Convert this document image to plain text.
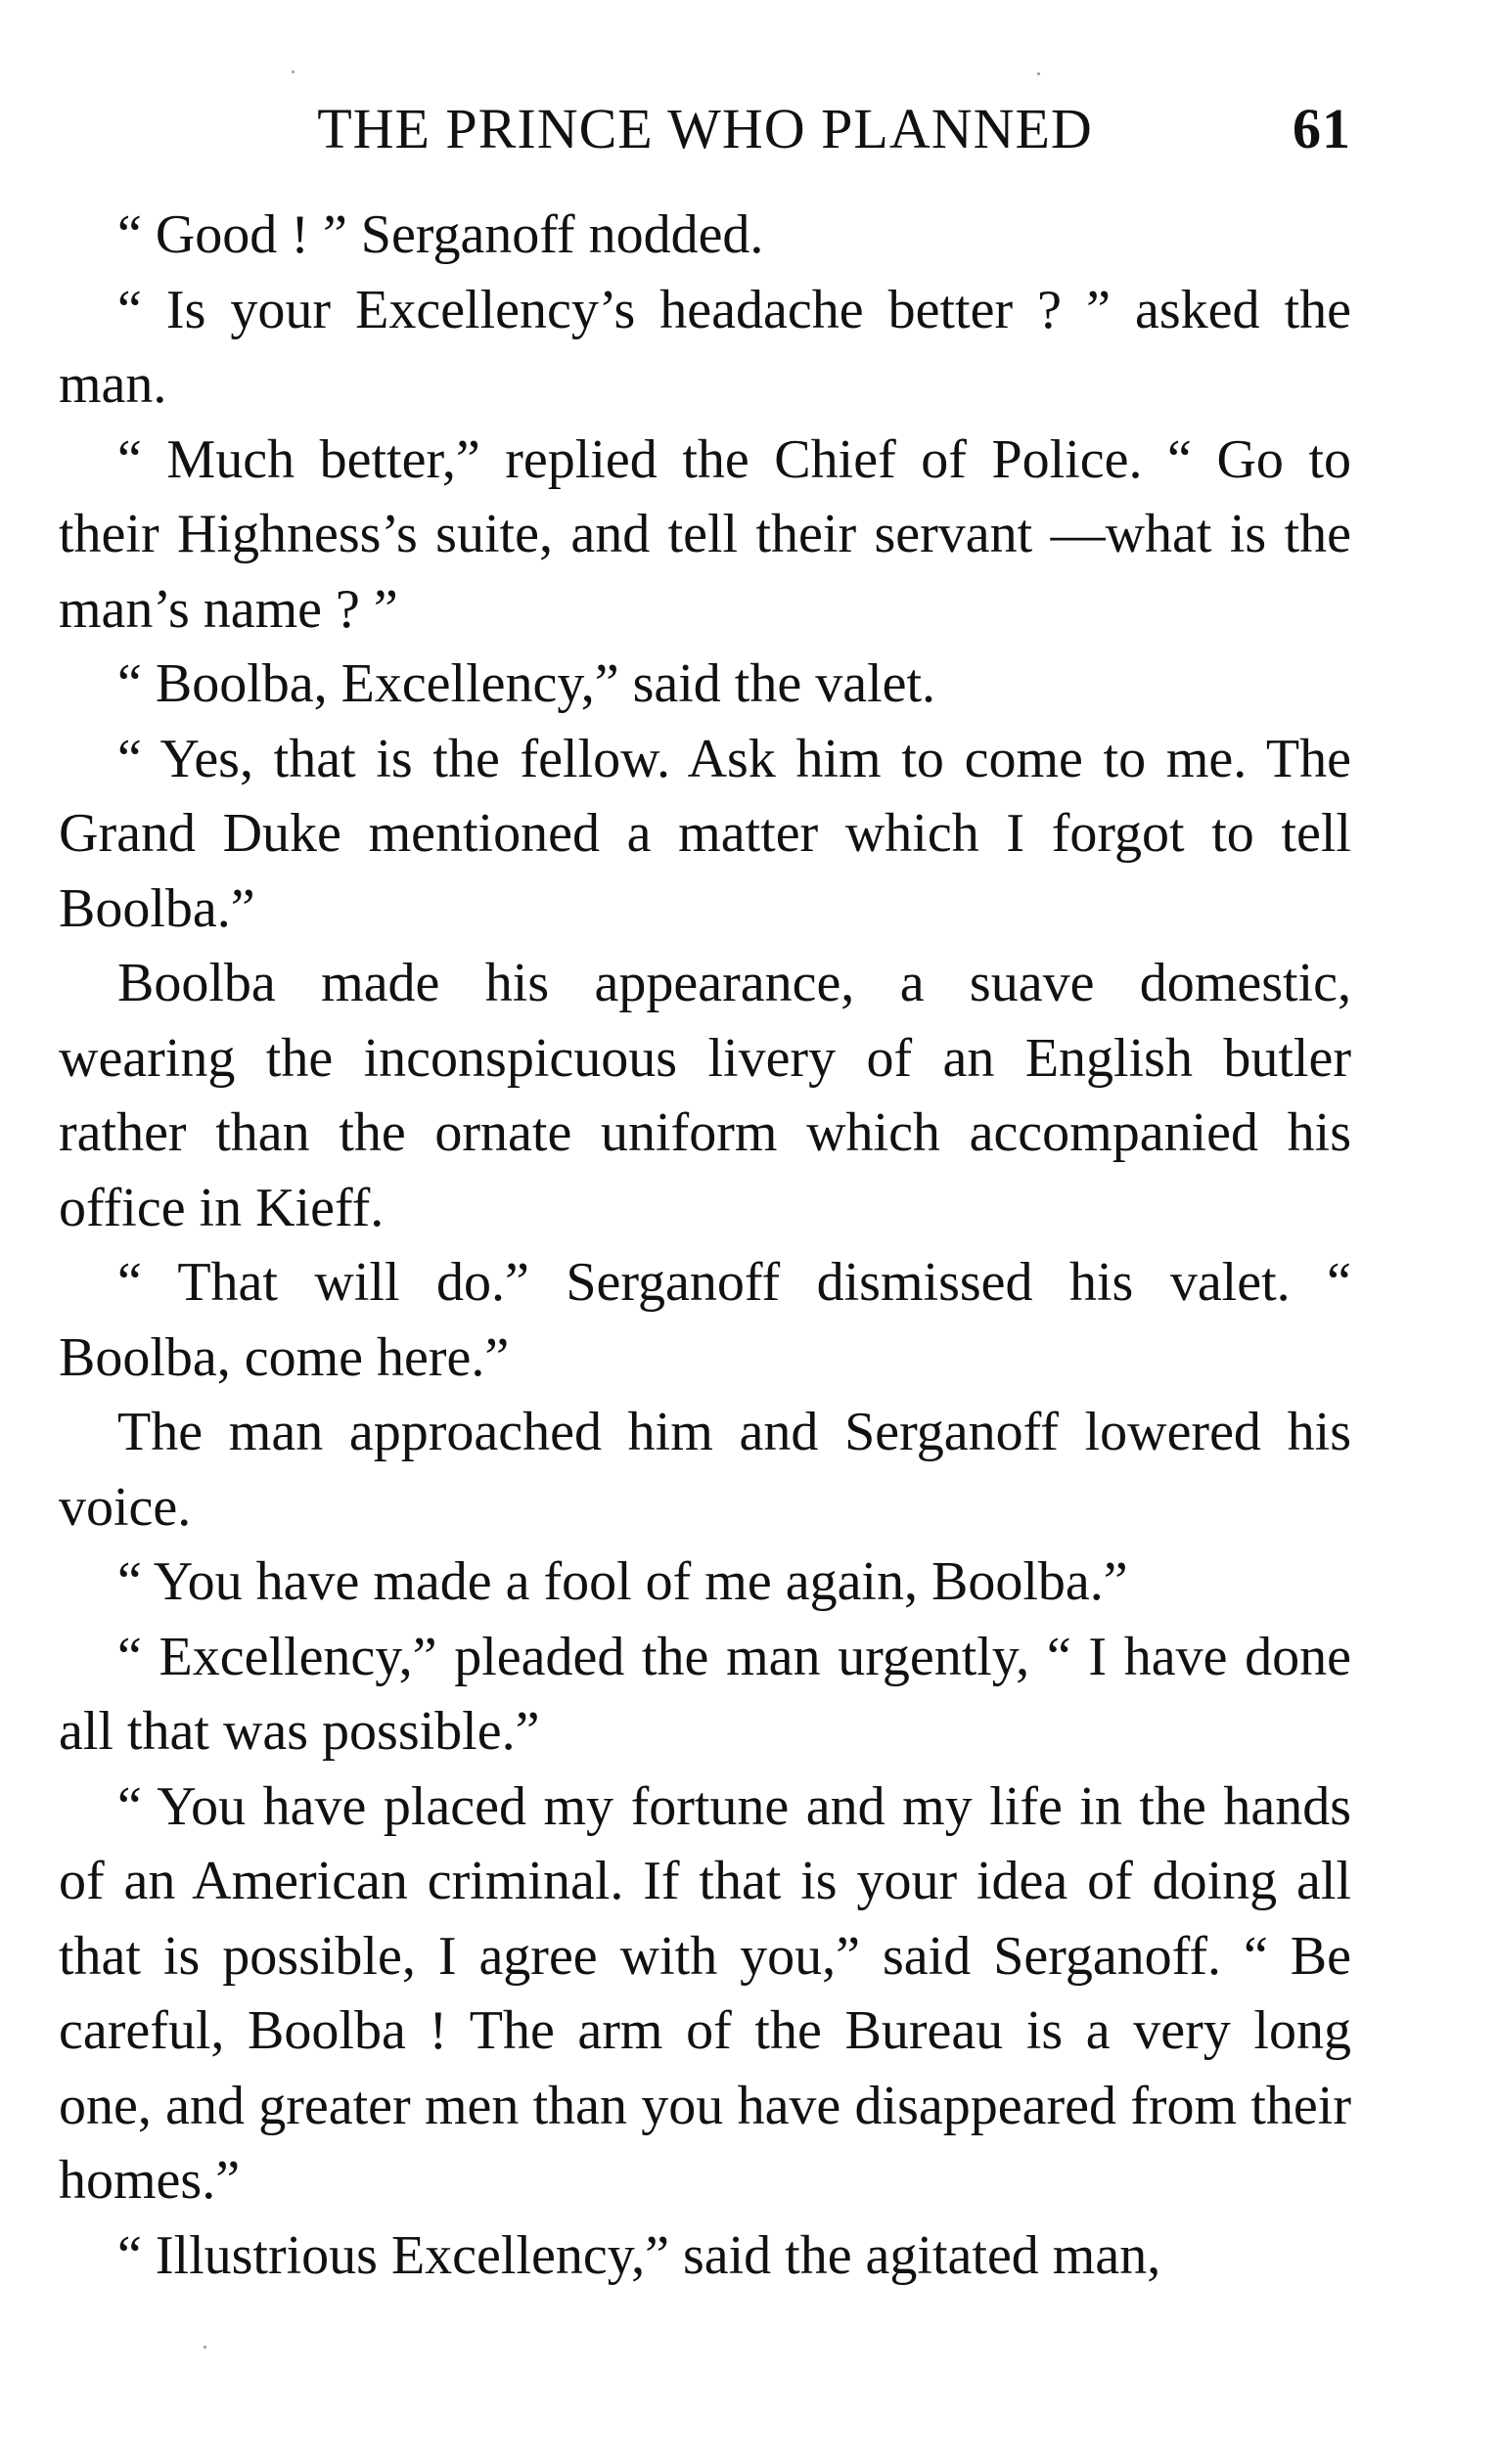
THE PRINCE WHO PLANNED	61

“ Good ! ” Serganoff nodded.

“ Is your Excellency’s headache better ? ” asked the man.

“ Much better,” replied the Chief of Police. “ Go to their Highness’s suite, and tell their servant —what is the man’s name ? ”

“ Boolba, Excellency,” said the valet.

“ Yes, that is the fellow. Ask him to come to me. The Grand Duke mentioned a matter which I forgot to tell Boolba.”

Boolba made his appearance, a suave domestic, wearing the inconspicuous livery of an English butler rather than the ornate uniform which accompanied his office in Kieff.

“ That will do.” Serganoff dismissed his valet. “ Boolba, come here.”

The man approached him and Serganoff lowered his voice.

“ You have made a fool of me again, Boolba.”

“ Excellency,” pleaded the man urgently, “ I have done all that was possible.”

“ You have placed my fortune and my life in the hands of an American criminal. If that is your idea of doing all that is possible, I agree with you,” said Serganoff. “ Be careful, Boolba ! The arm of the Bureau is a very long one, and greater men than you have disappeared from their homes.”

“ Illustrious Excellency,” said the agitated man,
